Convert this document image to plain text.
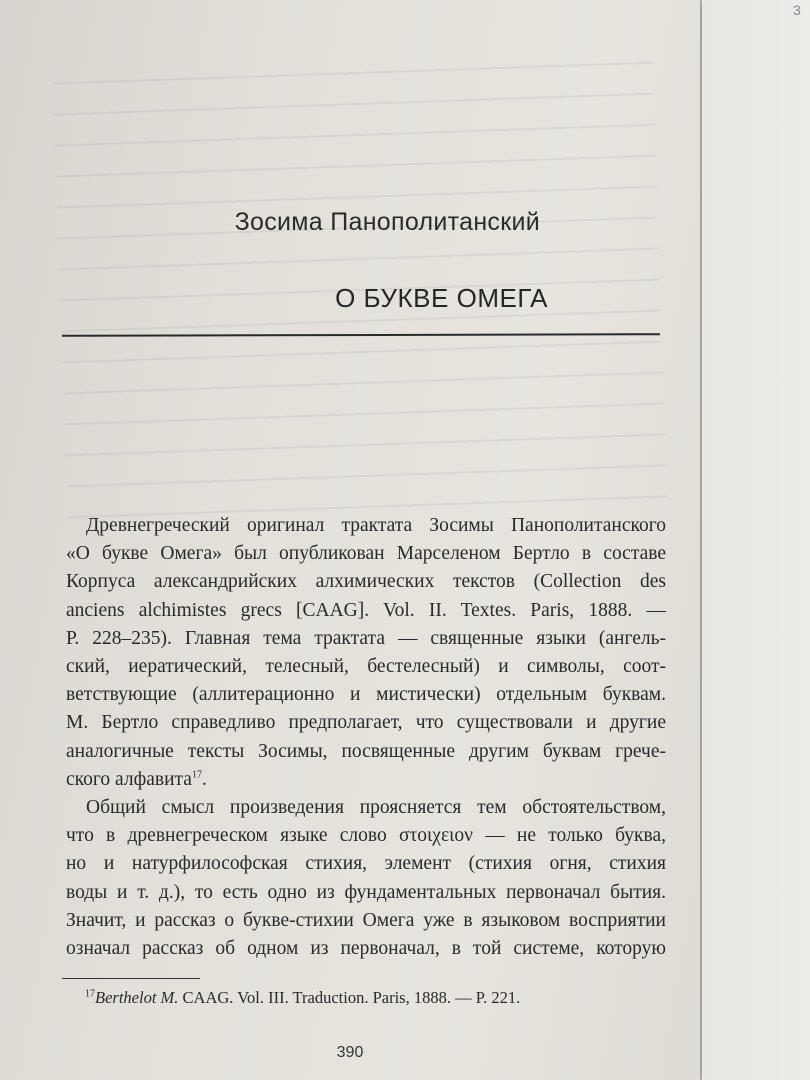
Зосима Панополитанский
О БУКВЕ ОМЕГА
Древнегреческий оригинал трактата Зосимы Панополитанского
«О букве Омега» был опубликован Марселеном Бертло в составе
Корпуса александрийских алхимических текстов (Collection des
anciens alchimistes grecs [CAAG]. Vol. II. Textes. Paris, 1888. —
Р. 228–235). Главная тема трактата — священные языки (ангель-
ский, иератический, телесный, бестелесный) и символы, соот-
ветствующие (аллитерационно и мистически) отдельным буквам.
М. Бертло справедливо предполагает, что существовали и другие
аналогичные тексты Зосимы, посвященные другим буквам грече-
ского алфавита$^{17}$.
Общий смысл произведения проясняется тем обстоятельством,
что в древнегреческом языке слово στοιχειον — не только буква,
но и натурфилософская стихия, элемент (стихия огня, стихия
воды и т. д.), то есть одно из фундаментальных первоначал бытия.
Значит, и рассказ о букве-стихии Омега уже в языковом восприятии
означал рассказ об одном из первоначал, в той системе, которую
$^{17}$Berthelot M. CAAG. Vol. III. Traduction. Paris, 1888. — P. 221.
390
3
